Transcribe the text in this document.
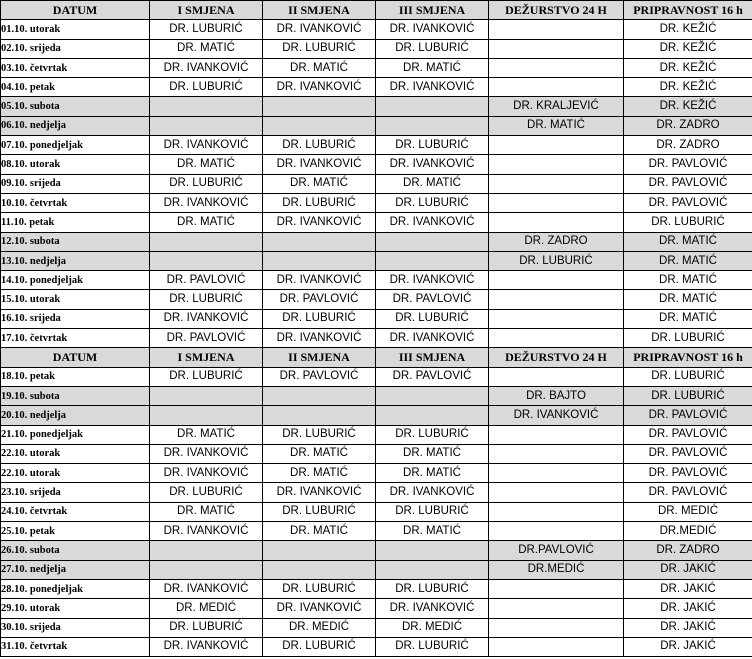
DATUM	I SMJENA	II SMJENA	III SMJENA	DEŽURSTVO 24 H	PRIPRAVNOST 16 h
01.10. utorak	DR. LUBURIĆ	DR. IVANKOVIĆ	DR. IVANKOVIĆ		DR. KEŽIĆ
02.10. srijeda	DR. MATIĆ	DR. LUBURIĆ	DR. LUBURIĆ		DR. KEŽIĆ
03.10. četvrtak	DR. IVANKOVIĆ	DR. MATIĆ	DR. MATIĆ		DR. KEŽIĆ
04.10. petak	DR. LUBURIĆ	DR. IVANKOVIĆ	DR. IVANKOVIĆ		DR. KEŽIĆ
05.10. subota				DR. KRALJEVIĆ	DR. KEŽIĆ
06.10. nedjelja				DR. MATIĆ	DR. ZADRO
07.10. ponedjeljak	DR. IVANKOVIĆ	DR. LUBURIĆ	DR. LUBURIĆ		DR. ZADRO
08.10. utorak	DR. MATIĆ	DR. IVANKOVIĆ	DR. IVANKOVIĆ		DR. PAVLOVIĆ
09.10. srijeda	DR. LUBURIĆ	DR. MATIĆ	DR. MATIĆ		DR. PAVLOVIĆ
10.10. četvrtak	DR. IVANKOVIĆ	DR. LUBURIĆ	DR. LUBURIĆ		DR. PAVLOVIĆ
11.10. petak	DR. MATIĆ	DR. IVANKOVIĆ	DR. IVANKOVIĆ		DR. LUBURIĆ
12.10. subota				DR. ZADRO	DR. MATIĆ
13.10. nedjelja				DR. LUBURIĆ	DR. MATIĆ
14.10. ponedjeljak	DR. PAVLOVIĆ	DR. IVANKOVIĆ	DR. IVANKOVIĆ		DR. MATIĆ
15.10. utorak	DR. LUBURIĆ	DR. PAVLOVIĆ	DR. PAVLOVIĆ		DR. MATIĆ
16.10. srijeda	DR. IVANKOVIĆ	DR. LUBURIĆ	DR. LUBURIĆ		DR. MATIĆ
17.10. četvrtak	DR. PAVLOVIĆ	DR. IVANKOVIĆ	DR. IVANKOVIĆ		DR. LUBURIĆ
DATUM	I SMJENA	II SMJENA	III SMJENA	DEŽURSTVO 24 H	PRIPRAVNOST 16 h
18.10. petak	DR. LUBURIĆ	DR. PAVLOVIĆ	DR. PAVLOVIĆ		DR. LUBURIĆ
19.10. subota				DR. BAJTO	DR. LUBURIĆ
20.10. nedjelja				DR. IVANKOVIĆ	DR. PAVLOVIĆ
21.10. ponedjeljak	DR. MATIĆ	DR. LUBURIĆ	DR. LUBURIĆ		DR. PAVLOVIĆ
22.10. utorak	DR. IVANKOVIĆ	DR. MATIĆ	DR. MATIĆ		DR. PAVLOVIĆ
22.10. utorak	DR. IVANKOVIĆ	DR. MATIĆ	DR. MATIĆ		DR. PAVLOVIĆ
23.10. srijeda	DR. LUBURIĆ	DR. IVANKOVIĆ	DR. IVANKOVIĆ		DR. PAVLOVIĆ
24.10. četvrtak	DR. MATIĆ	DR. LUBURIĆ	DR. LUBURIĆ		DR. MEDIĆ
25.10. petak	DR. IVANKOVIĆ	DR. MATIĆ	DR. MATIĆ		DR.MEDIĆ
26.10. subota				DR.PAVLOVIĆ	DR. ZADRO
27.10. nedjelja				DR.MEDIĆ	DR. JAKIĆ
28.10. ponedjeljak	DR. IVANKOVIĆ	DR. LUBURIĆ	DR. LUBURIĆ		DR. JAKIĆ
29.10. utorak	DR. MEDIĆ	DR. IVANKOVIĆ	DR. IVANKOVIĆ		DR. JAKIĆ
30.10. srijeda	DR. LUBURIĆ	DR. MEDIĆ	DR. MEDIĆ		DR. JAKIĆ
31.10. četvrtak	DR. IVANKOVIĆ	DR. LUBURIĆ	DR. LUBURIĆ		DR. JAKIĆ
